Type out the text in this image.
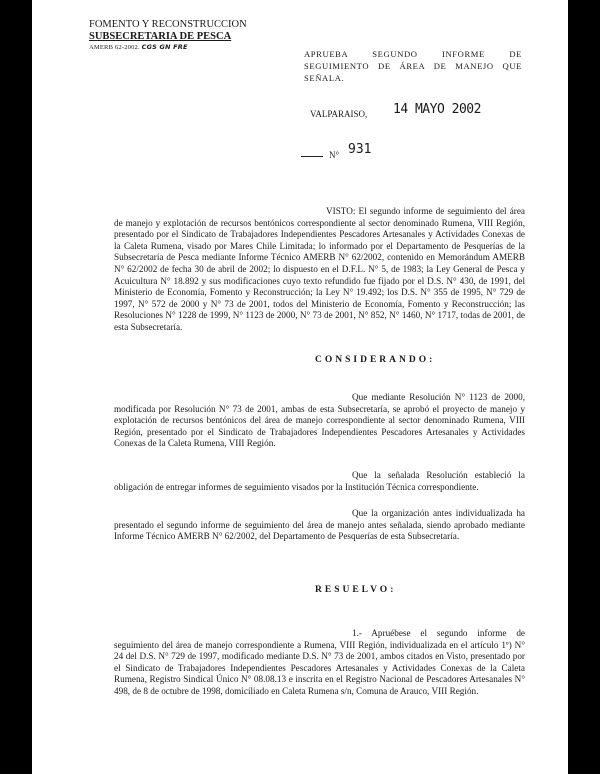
FOMENTO Y RECONSTRUCCION
SUBSECRETARIA DE PESCA
AMERB 62-2002. CGS GN FRE
APRUEBA SEGUNDO INFORME DE SEGUIMIENTO DE ÁREA DE MANEJO QUE SEÑALA.
VALPARAISO, 14 MAYO 2002
N° 931
VISTO: El segundo informe de seguimiento del área de manejo y explotación de recursos bentónicos correspondiente al sector denominado Rumena, VIII Región, presentado por el Sindicato de Trabajadores Independientes Pescadores Artesanales y Actividades Conexas de la Caleta Rumena, visado por Mares Chile Limitada; lo informado por el Departamento de Pesquerías de la Subsecretaría de Pesca mediante Informe Técnico AMERB N° 62/2002, contenido en Memorándum AMERB N° 62/2002 de fecha 30 de abril de 2002; lo dispuesto en el D.F.L. N° 5, de 1983; la Ley General de Pesca y Acuicultura N° 18.892 y sus modificaciones cuyo texto refundido fue fijado por el D.S. N° 430, de 1991, del Ministerio de Economía, Fomento y Reconstrucción; la Ley N° 19.492; los D.S. N° 355 de 1995, N° 729 de 1997, N° 572 de 2000 y N° 73 de 2001, todos del Ministerio de Economía, Fomento y Reconstrucción; las Resoluciones N° 1228 de 1999, N° 1123 de 2000, N° 73 de 2001, N° 852, N° 1460, N° 1717, todas de 2001, de esta Subsecretaría.
CONSIDERANDO:
Que mediante Resolución N° 1123 de 2000, modificada por Resolución N° 73 de 2001, ambas de esta Subsecretaría, se aprobó el proyecto de manejo y explotación de recursos bentónicos del área de manejo correspondiente al sector denominado Rumena, VIII Región, presentado por el Sindicato de Trabajadores Independientes Pescadores Artesanales y Actividades Conexas de la Caleta Rumena, VIII Región.
Que la señalada Resolución estableció la obligación de entregar informes de seguimiento visados por la Institución Técnica correspondiente.
Que la organización antes individualizada ha presentado el segundo informe de seguimiento del área de manejo antes señalada, siendo aprobado mediante Informe Técnico AMERB N° 62/2002, del Departamento de Pesquerías de esta Subsecretaría.
RESUELVO:
1.- Apruébese el segundo informe de seguimiento del área de manejo correspondiente a Rumena, VIII Región, individualizada en el artículo 1º) N° 24 del D.S. N° 729 de 1997, modificado mediante D.S. N° 73 de 2001, ambos citados en Visto, presentado por el Sindicato de Trabajadores Independientes Pescadores Artesanales y Actividades Conexas de la Caleta Rumena, Registro Sindical Único N° 08.08.13 e inscrita en el Registro Nacional de Pescadores Artesanales N° 498, de 8 de octubre de 1998, domiciliado en Caleta Rumena s/n, Comuna de Arauco, VIII Región.
